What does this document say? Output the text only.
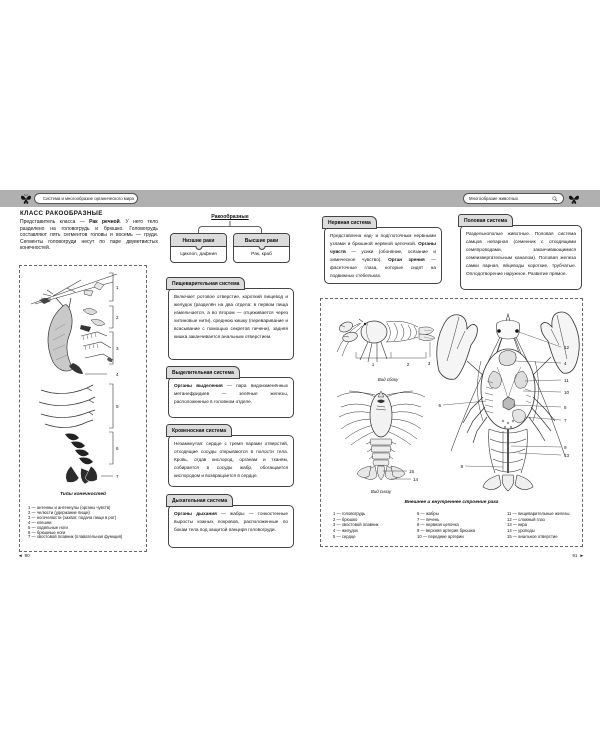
Система и многообразие органического мира	Многообразие животных
КЛАСС РАКООБРАЗНЫЕ
Представитель класса — Рак речной. У него тело разделено на головогрудь и брюшко. Головогрудь составляют пять сегментов головы и восемь — груди. Сегменты головогруди несут по паре двуветвистых конечностей.
Ракообразные
Низшие раки
Циклоп, дафния
Высшие раки
Рак, краб
Пищеварительная система
Включает ротовое отверстие, короткий пищевод и желудок (разделён на два отдела: в первом пища измельчается, а во втором — отцеживается через хитиновые нити), среднюю кишку (переваривание и всасывание с помощью секретов печени), задняя кишка заканчивается анальным отверстием.
Выделительная система
Органы выделения — пара видоизменённых метанефридиев — зелёные железы, расположенные в головном отделе.
Кровеносная система
Незамкнутая: сердце с тремя парами отверстий, отходящие сосуды открываются в полости тела. Кровь, отдав кислород, органам и тканям, собирается в сосуды жабр, обогащается кислородом и возвращается в сердце.
Дыхательная система
Органы дыхания — жабры — тонкостенные выросты кожных покровов, расположенные по бокам тела под защитой панциря головогруди.
1
2
3
4
5
6
7
Типы конечностей
1 — антенны и антеннулы (органы чувств)
2 — челюсти (удержание пищи)
3 — ногочелюсти (захват, подача пищи в рот)
4 — клешни
5 — ходильные ноги
6 — брюшные ноги
7 — хвостовой плавник (плавательная функция)
Нервная система
Представлена над- и подглоточным нервными узлами и брюшной нервной цепочкой. Органы чувств — усики (обоняние, осязание и химическое чувство). Орган зрения — фасеточные глаза, которые сидят на подвижных стебельках.
Половая система
Раздельнополые животные. Половая система самцов непарная (семенник с отходящими семяпроводами, заканчивающимися семяизвергательным каналом). Половая железа самки парная, яйцеводы короткие, трубчатые. Оплодотворение наружное. Развитие прямое.
3
1	2
Вид сбоку
15
14
Вид снизу
12
4
11
10
5
7
9
13
6
8
Внешнее и внутреннее строение рака
1 — головогрудь
2 — брюшко
3 — хвостовой плавник
4 — желудок
5 — сердце
6 — жабры
7 — печень
8 — нервная цепочка
9 — верхняя артерия брюшка
10 — передние артерии
11 — пищеварительные железы
12 — сложный глаз
13 — икра
14 — уроподы
15 — анальное отверстие
◄ 90	91 ►
